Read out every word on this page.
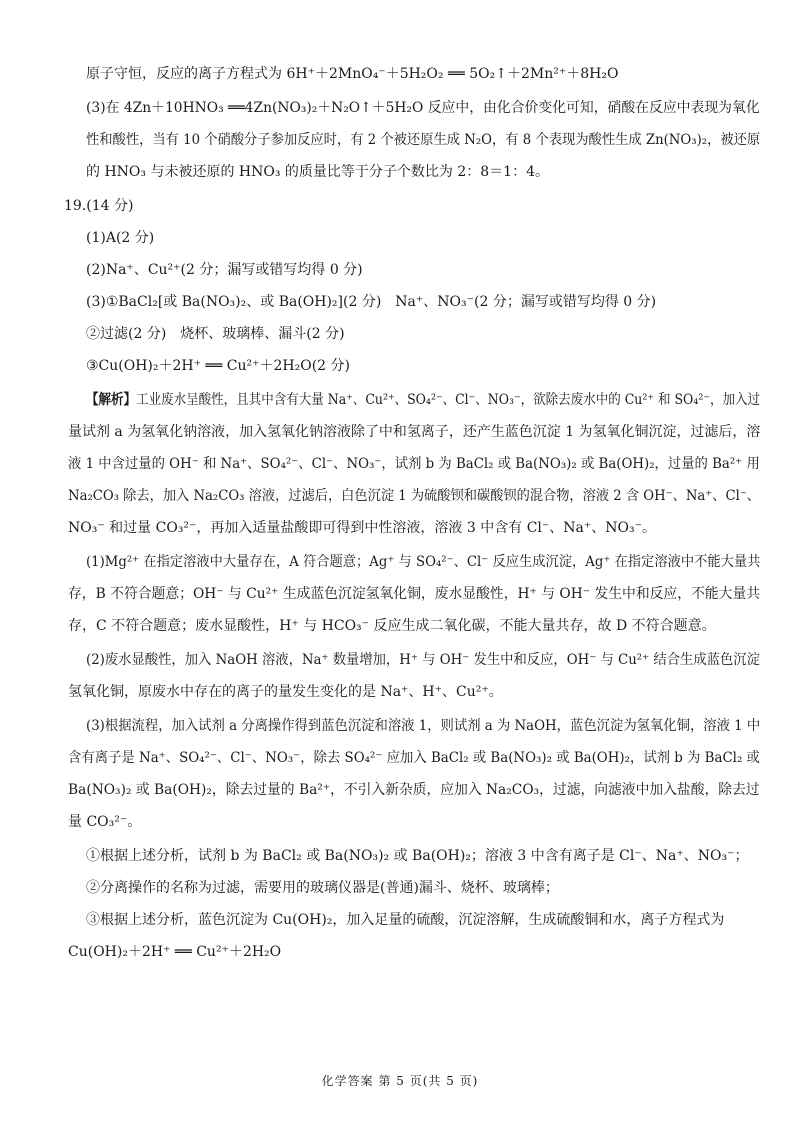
原子守恒，反应的离子方程式为 6H⁺＋2MnO₄⁻＋5H₂O₂ ══ 5O₂↑＋2Mn²⁺＋8H₂O
(3)在 4Zn＋10HNO₃ ══4Zn(NO₃)₂＋N₂O↑＋5H₂O 反应中，由化合价变化可知，硝酸在反应中表现为氧化
性和酸性，当有 10 个硝酸分子参加反应时，有 2 个被还原生成 N₂O，有 8 个表现为酸性生成 Zn(NO₃)₂，被还原
的 HNO₃ 与未被还原的 HNO₃ 的质量比等于分子个数比为 2：8＝1：4。
19.(14 分)
(1)A(2 分)
(2)Na⁺、Cu²⁺(2 分；漏写或错写均得 0 分)
(3)①BaCl₂[或 Ba(NO₃)₂、或 Ba(OH)₂](2 分)　Na⁺、NO₃⁻(2 分；漏写或错写均得 0 分)
②过滤(2 分)　烧杯、玻璃棒、漏斗(2 分)
③Cu(OH)₂＋2H⁺ ══ Cu²⁺＋2H₂O(2 分)
【解析】工业废水呈酸性，且其中含有大量 Na⁺、Cu²⁺、SO₄²⁻、Cl⁻、NO₃⁻，欲除去废水中的 Cu²⁺ 和 SO₄²⁻，加入过
量试剂 a 为氢氧化钠溶液，加入氢氧化钠溶液除了中和氢离子，还产生蓝色沉淀 1 为氢氧化铜沉淀，过滤后，溶
液 1 中含过量的 OH⁻ 和 Na⁺、SO₄²⁻、Cl⁻、NO₃⁻，试剂 b 为 BaCl₂ 或 Ba(NO₃)₂ 或 Ba(OH)₂，过量的 Ba²⁺ 用
Na₂CO₃ 除去，加入 Na₂CO₃ 溶液，过滤后，白色沉淀 1 为硫酸钡和碳酸钡的混合物，溶液 2 含 OH⁻、Na⁺、Cl⁻、
NO₃⁻ 和过量 CO₃²⁻，再加入适量盐酸即可得到中性溶液，溶液 3 中含有 Cl⁻、Na⁺、NO₃⁻。
(1)Mg²⁺ 在指定溶液中大量存在，A 符合题意；Ag⁺ 与 SO₄²⁻、Cl⁻ 反应生成沉淀，Ag⁺ 在指定溶液中不能大量共
存，B 不符合题意；OH⁻ 与 Cu²⁺ 生成蓝色沉淀氢氧化铜，废水显酸性，H⁺ 与 OH⁻ 发生中和反应，不能大量共
存，C 不符合题意；废水显酸性，H⁺ 与 HCO₃⁻ 反应生成二氧化碳，不能大量共存，故 D 不符合题意。
(2)废水显酸性，加入 NaOH 溶液，Na⁺ 数量增加，H⁺ 与 OH⁻ 发生中和反应，OH⁻ 与 Cu²⁺ 结合生成蓝色沉淀
氢氧化铜，原废水中存在的离子的量发生变化的是 Na⁺、H⁺、Cu²⁺。
(3)根据流程，加入试剂 a 分离操作得到蓝色沉淀和溶液 1，则试剂 a 为 NaOH，蓝色沉淀为氢氧化铜，溶液 1 中
含有离子是 Na⁺、SO₄²⁻、Cl⁻、NO₃⁻，除去 SO₄²⁻ 应加入 BaCl₂ 或 Ba(NO₃)₂ 或 Ba(OH)₂，试剂 b 为 BaCl₂ 或
Ba(NO₃)₂ 或 Ba(OH)₂，除去过量的 Ba²⁺，不引入新杂质，应加入 Na₂CO₃，过滤，向滤液中加入盐酸，除去过
量 CO₃²⁻。
①根据上述分析，试剂 b 为 BaCl₂ 或 Ba(NO₃)₂ 或 Ba(OH)₂；溶液 3 中含有离子是 Cl⁻、Na⁺、NO₃⁻；
②分离操作的名称为过滤，需要用的玻璃仪器是(普通)漏斗、烧杯、玻璃棒；
③根据上述分析，蓝色沉淀为 Cu(OH)₂，加入足量的硫酸，沉淀溶解，生成硫酸铜和水，离子方程式为
Cu(OH)₂＋2H⁺ ══ Cu²⁺＋2H₂O
化学答案 第 5 页(共 5 页)
